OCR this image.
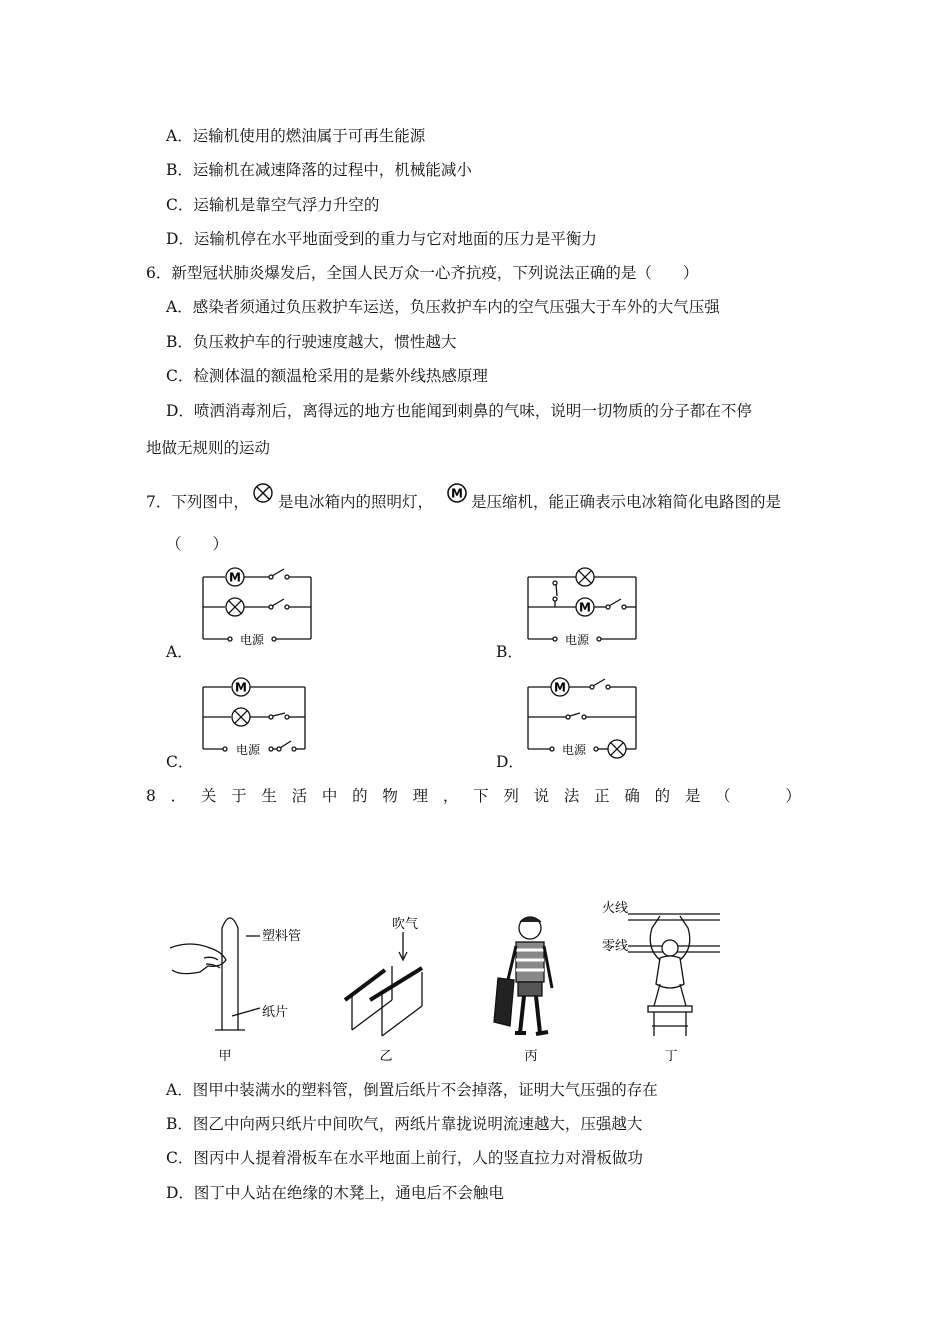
A．运输机使用的燃油属于可再生能源
B．运输机在减速降落的过程中，机械能减小
C．运输机是靠空气浮力升空的
D．运输机停在水平地面受到的重力与它对地面的压力是平衡力
6．新型冠状肺炎爆发后，全国人民万众一心齐抗疫，下列说法正确的是（　　）
A．感染者须通过负压救护车运送，负压救护车内的空气压强大于车外的大气压强
B．负压救护车的行驶速度越大，惯性越大
C．检测体温的额温枪采用的是紫外线热感原理
D．喷洒消毒剂后，离得远的地方也能闻到刺鼻的气味，说明一切物质的分子都在不停
地做无规则的运动
7．下列图中， 是电冰箱内的照明灯， M 是压缩机，能正确表示电冰箱简化电路图的是
（　　）
A．	B．
C．	D．
M
电源
M
电源
M
电源
M
电源
8 ． 关 于 生 活 中 的 物 理 ， 下 列 说 法 正 确 的 是 （	）
塑料管
纸片
甲
吹气
乙	丙
火线
零线
丁
A．图甲中装满水的塑料管，倒置后纸片不会掉落，证明大气压强的存在
B．图乙中向两只纸片中间吹气，两纸片靠拢说明流速越大，压强越大
C．图丙中人提着滑板车在水平地面上前行，人的竖直拉力对滑板做功
D．图丁中人站在绝缘的木凳上，通电后不会触电
